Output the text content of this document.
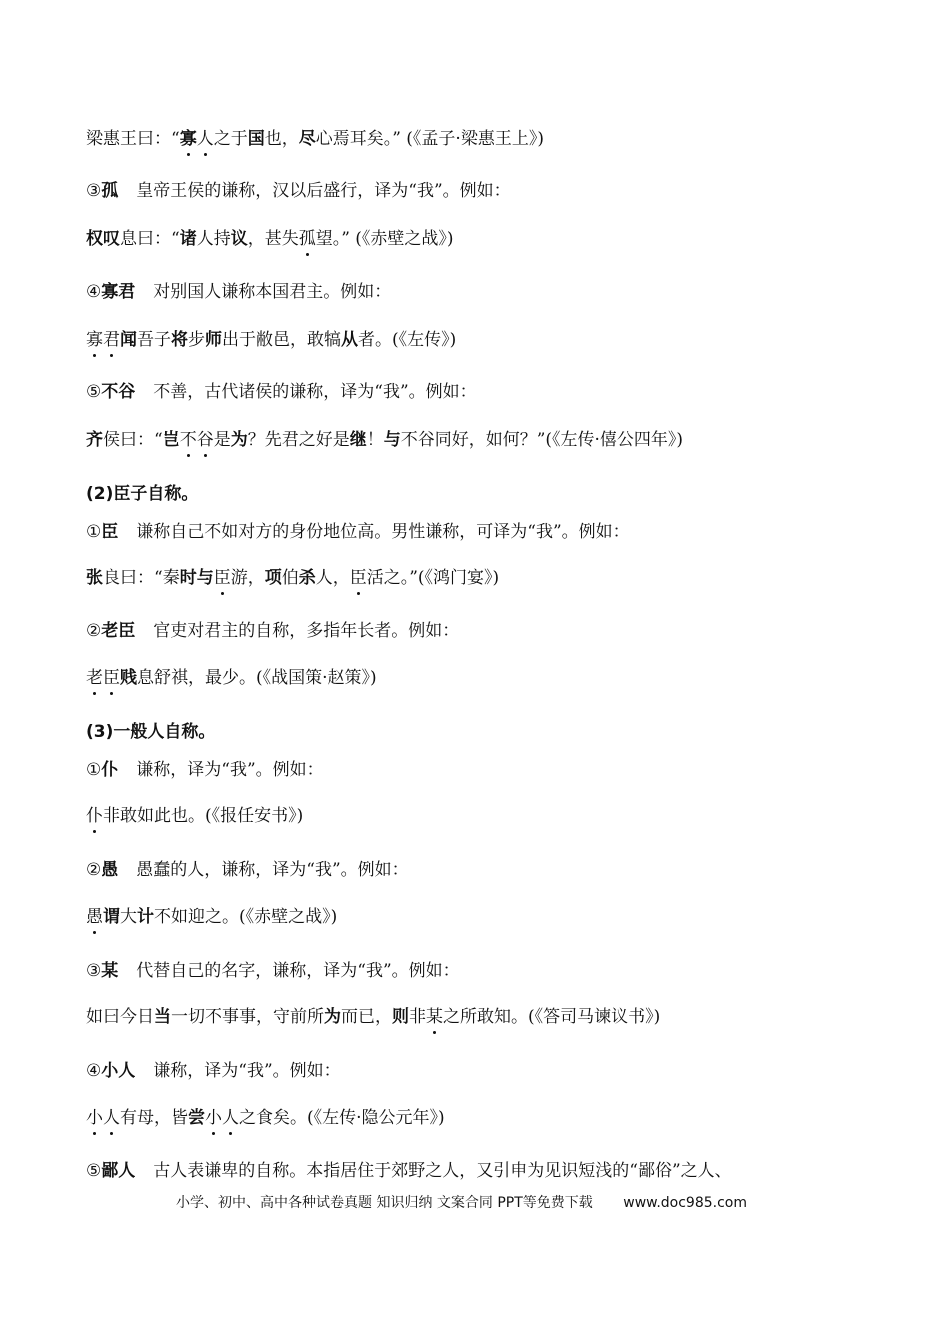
梁惠王曰：“寡人之于国也，尽心焉耳矣。” (《孟子·梁惠王上》)
③孤 皇帝王侯的谦称，汉以后盛行，译为“我”。例如：
权叹息曰：“诸人持议，甚失孤望。” (《赤壁之战》)
④寡君 对别国人谦称本国君主。例如：
寡君闻吾子将步师出于敝邑，敢犒从者。(《左传》)
⑤不谷 不善，古代诸侯的谦称，译为“我”。例如：
齐侯曰：“岂不谷是为？先君之好是继！与不谷同好，如何？”(《左传·僖公四年》)
(2)臣子自称。
①臣 谦称自己不如对方的身份地位高。男性谦称，可译为“我”。例如：
张良曰：“秦时与臣游，项伯杀人，臣活之。”(《鸿门宴》)
②老臣 官吏对君主的自称，多指年长者。例如：
老臣贱息舒祺，最少。(《战国策·赵策》)
(3)一般人自称。
①仆 谦称，译为“我”。例如：
仆非敢如此也。(《报任安书》)
②愚 愚蠢的人，谦称，译为“我”。例如：
愚谓大计不如迎之。(《赤壁之战》)
③某 代替自己的名字，谦称，译为“我”。例如：
如曰今日当一切不事事，守前所为而已，则非某之所敢知。(《答司马谏议书》)
④小人 谦称，译为“我”。例如：
小人有母，皆尝小人之食矣。(《左传·隐公元年》)
⑤鄙人 古人表谦卑的自称。本指居住于郊野之人，又引申为见识短浅的“鄙俗”之人、
小学、初中、高中各种试卷真题 知识归纳 文案合同 PPT等免费下载 www.doc985.com
